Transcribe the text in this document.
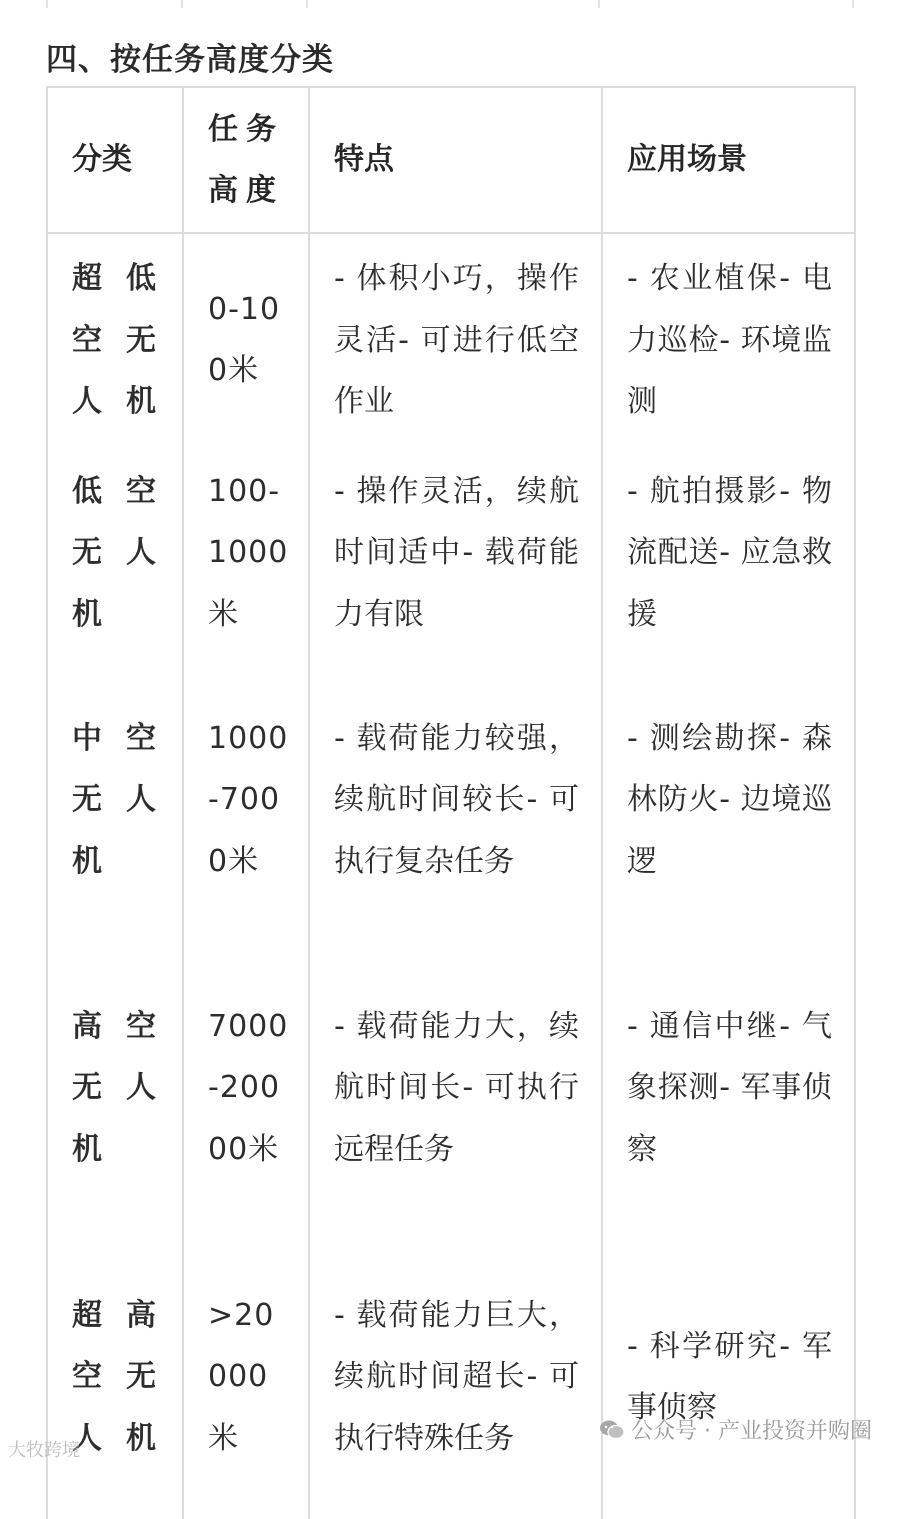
四、按任务高度分类
分类	任务高度	特点	应用场景
超低空无人机	0-100米	- 体积小巧，操作灵活- 可进行低空作业	- 农业植保- 电力巡检- 环境监测
低空无人机	100-1000米	- 操作灵活，续航时间适中- 载荷能力有限	- 航拍摄影- 物流配送- 应急救援
中空无人机	1000-7000米	- 载荷能力较强，续航时间较长- 可执行复杂任务	- 测绘勘探- 森林防火- 边境巡逻
高空无人机	7000-20000米	- 载荷能力大，续航时间长- 可执行远程任务	- 通信中继- 气象探测- 军事侦察
超高空无人机	>20000米	- 载荷能力巨大，续航时间超长- 可执行特殊任务	- 科学研究- 军事侦察
公众号 · 产业投资并购圈
大牧跨境
